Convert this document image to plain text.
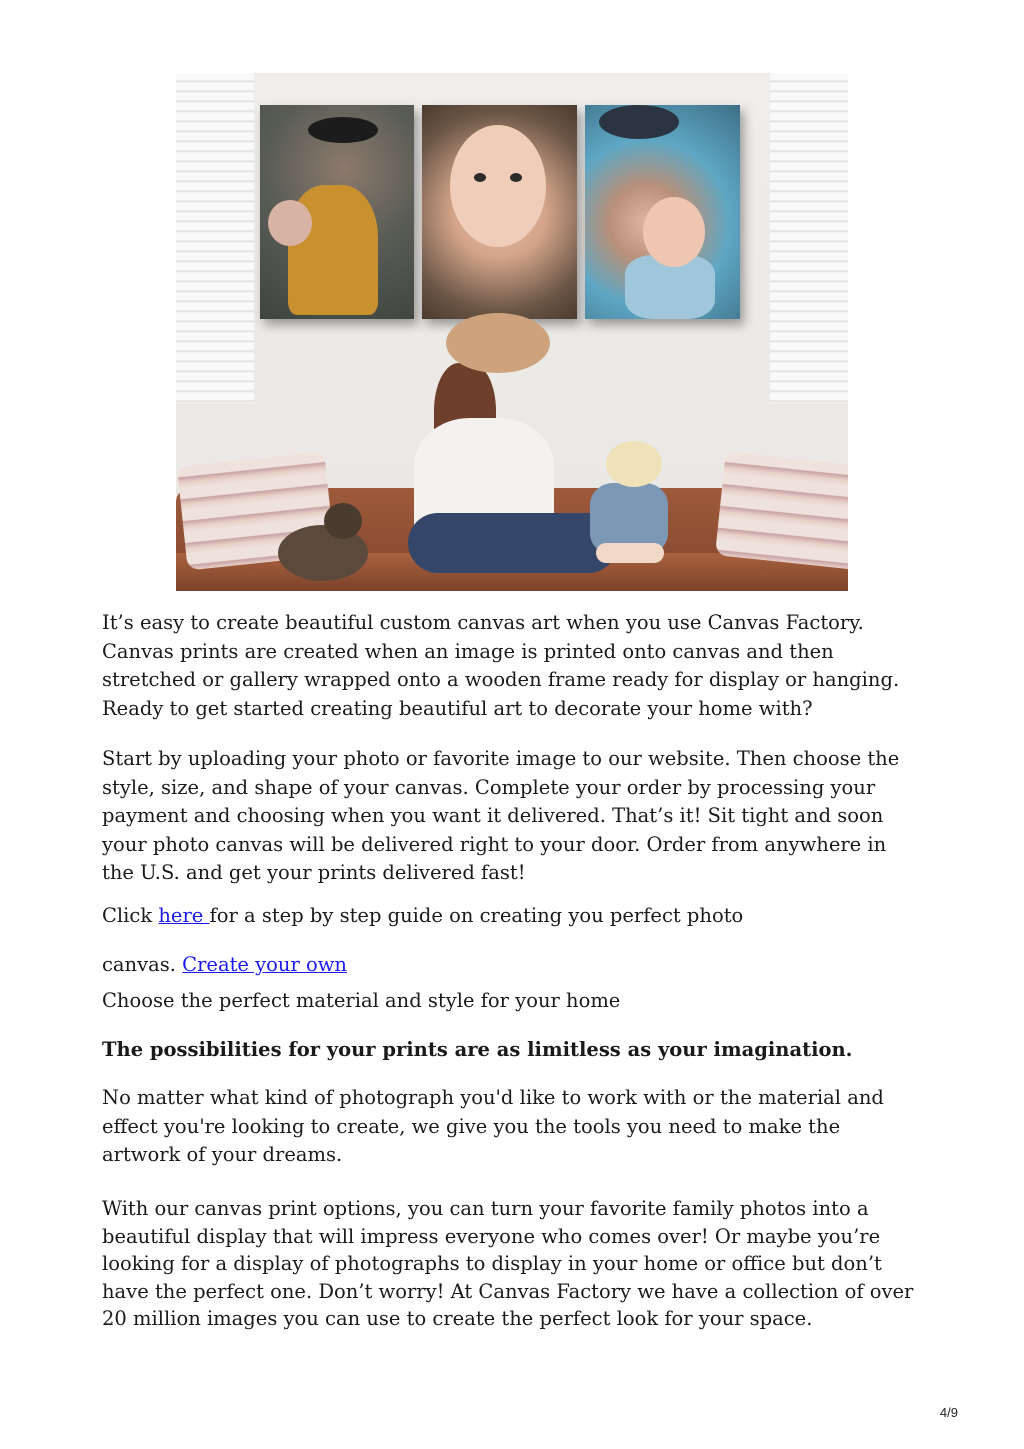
It’s easy to create beautiful custom canvas art when you use Canvas Factory. Canvas prints are created when an image is printed onto canvas and then stretched or gallery wrapped onto a wooden frame ready for display or hanging. Ready to get started creating beautiful art to decorate your home with?

Start by uploading your photo or favorite image to our website. Then choose the style, size, and shape of your canvas. Complete your order by processing your payment and choosing when you want it delivered. That’s it! Sit tight and soon your photo canvas will be delivered right to your door. Order from anywhere in the U.S. and get your prints delivered fast!

Click here for a step by step guide on creating you perfect photo

canvas. Create your own

Choose the perfect material and style for your home

The possibilities for your prints are as limitless as your imagination.

No matter what kind of photograph you'd like to work with or the material and effect you're looking to create, we give you the tools you need to make the artwork of your dreams.

With our canvas print options, you can turn your favorite family photos into a beautiful display that will impress everyone who comes over! Or maybe you’re looking for a display of photographs to display in your home or office but don’t have the perfect one. Don’t worry! At Canvas Factory we have a collection of over 20 million images you can use to create the perfect look for your space.

4/9
